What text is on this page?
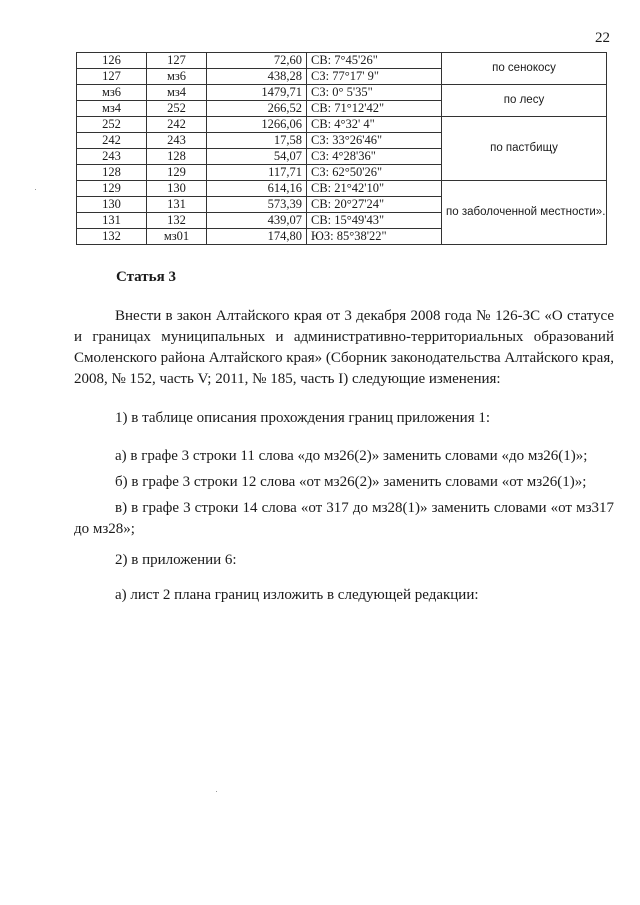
22
126	127	72,60	СВ: 7°45'26"	по сенокосу
127	мз6	438,28	СЗ: 77°17' 9"	
мз6	мз4	1479,71	СЗ: 0° 5'35"	по лесу
мз4	252	266,52	СВ: 71°12'42"	
252	242	1266,06	СВ: 4°32' 4"	по пастбищу
242	243	17,58	СЗ: 33°26'46"	
243	128	54,07	СЗ: 4°28'36"	
128	129	117,71	СЗ: 62°50'26"	
129	130	614,16	СВ: 21°42'10"	по заболоченной местности».
130	131	573,39	СВ: 20°27'24"	
131	132	439,07	СВ: 15°49'43"	
132	мз01	174,80	ЮЗ: 85°38'22"	
Статья 3

Внести в закон Алтайского края от 3 декабря 2008 года № 126-ЗС «О статусе и границах муниципальных и административно-территориальных образований Смоленского района Алтайского края» (Сборник законодательства Алтайского края, 2008, № 152, часть V; 2011, № 185, часть I) следующие изменения:

1) в таблице описания прохождения границ приложения 1:

а) в графе 3 строки 11 слова «до мз26(2)» заменить словами «до мз26(1)»;

б) в графе 3 строки 12 слова «от мз26(2)» заменить словами «от мз26(1)»;

в) в графе 3 строки 14 слова «от 317 до мз28(1)» заменить словами «от мз317 до мз28»;

2) в приложении 6:

а) лист 2 плана границ изложить в следующей редакции:
